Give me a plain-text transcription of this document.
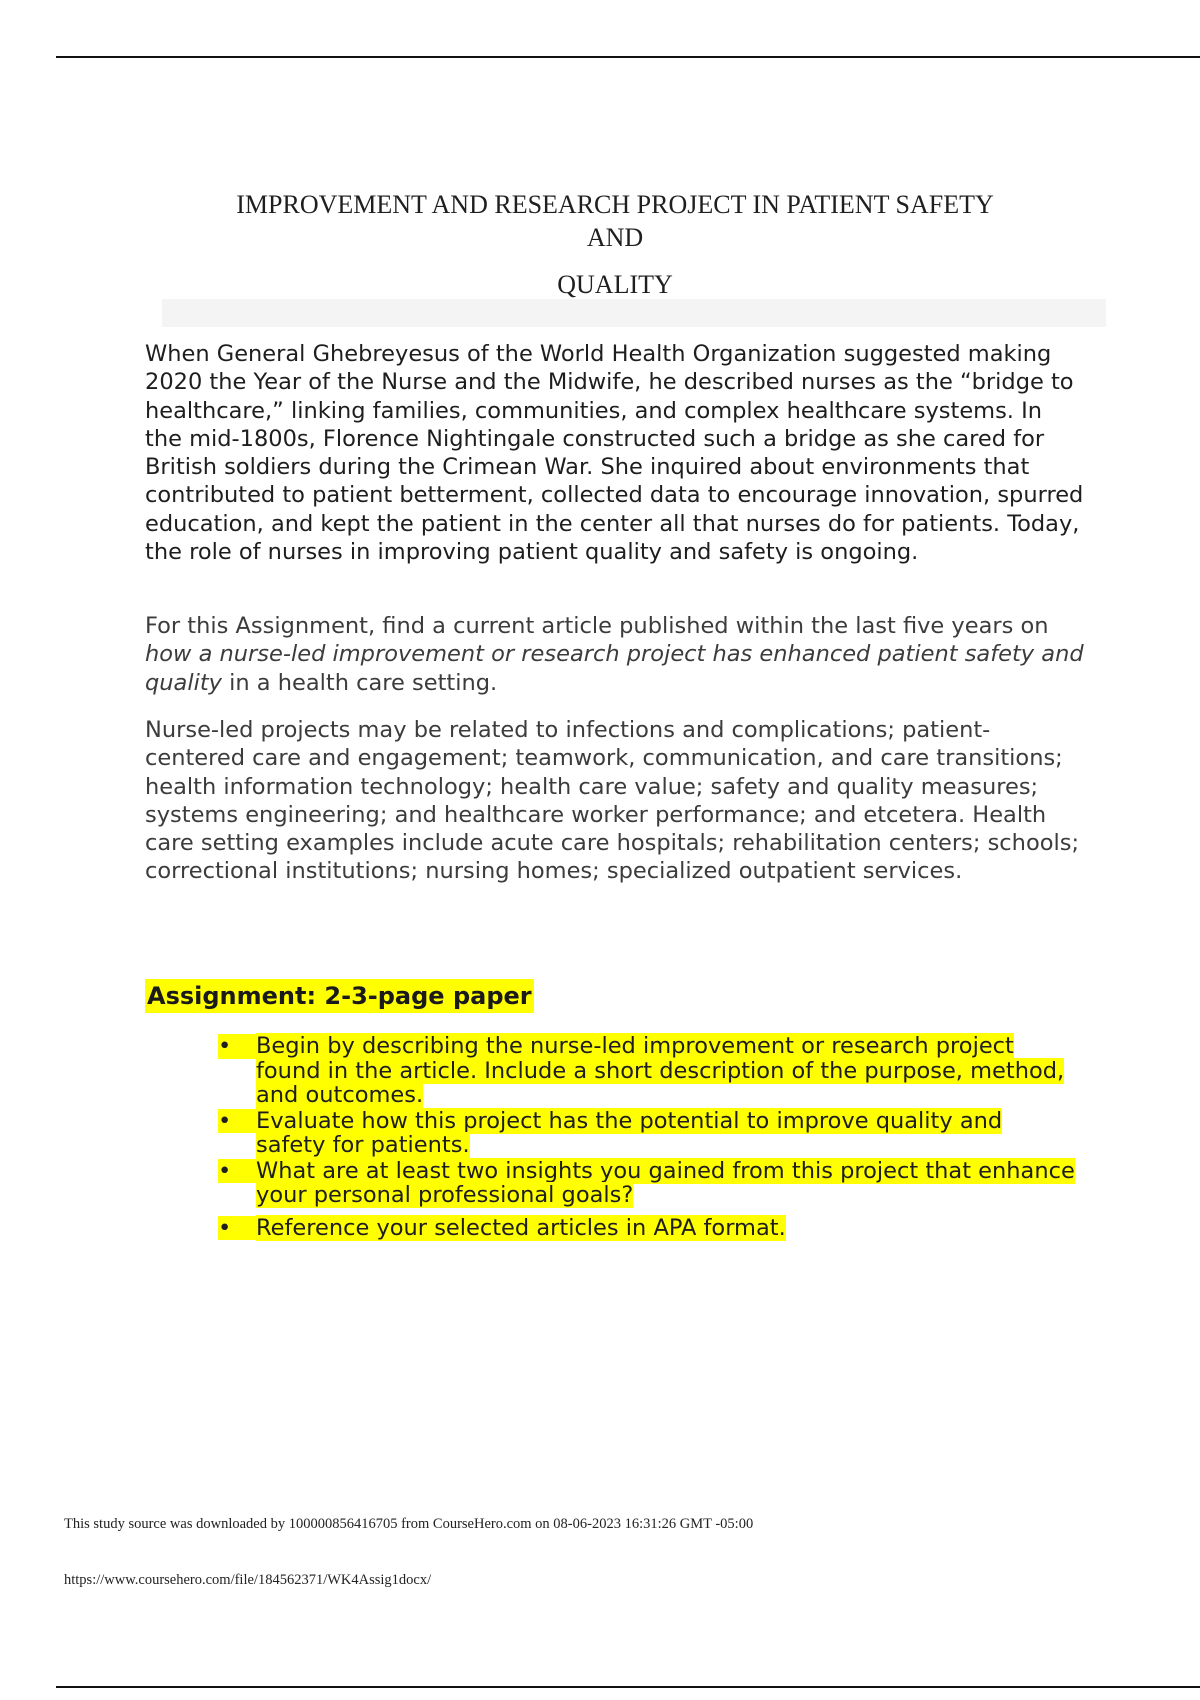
IMPROVEMENT AND RESEARCH PROJECT IN PATIENT SAFETY
AND
QUALITY

When General Ghebreyesus of the World Health Organization suggested making 2020 the Year of the Nurse and the Midwife, he described nurses as the “bridge to healthcare,” linking families, communities, and complex healthcare systems. In the mid-1800s, Florence Nightingale constructed such a bridge as she cared for British soldiers during the Crimean War. She inquired about environments that contributed to patient betterment, collected data to encourage innovation, spurred education, and kept the patient in the center all that nurses do for patients. Today, the role of nurses in improving patient quality and safety is ongoing.

For this Assignment, find a current article published within the last five years on how a nurse-led improvement or research project has enhanced patient safety and quality in a health care setting.

Nurse-led projects may be related to infections and complications; patient-centered care and engagement; teamwork, communication, and care transitions; health information technology; health care value; safety and quality measures; systems engineering; and healthcare worker performance; and etcetera. Health care setting examples include acute care hospitals; rehabilitation centers; schools; correctional institutions; nursing homes; specialized outpatient services.

Assignment: 2-3-page paper
•	Begin by describing the nurse-led improvement or research project found in the article. Include a short description of the purpose, method, and outcomes.
•	Evaluate how this project has the potential to improve quality and safety for patients.
•	What are at least two insights you gained from this project that enhance your personal professional goals?
•	Reference your selected articles in APA format.
This study source was downloaded by 100000856416705 from CourseHero.com on 08-06-2023 16:31:26 GMT -05:00
https://www.coursehero.com/file/184562371/WK4Assig1docx/
